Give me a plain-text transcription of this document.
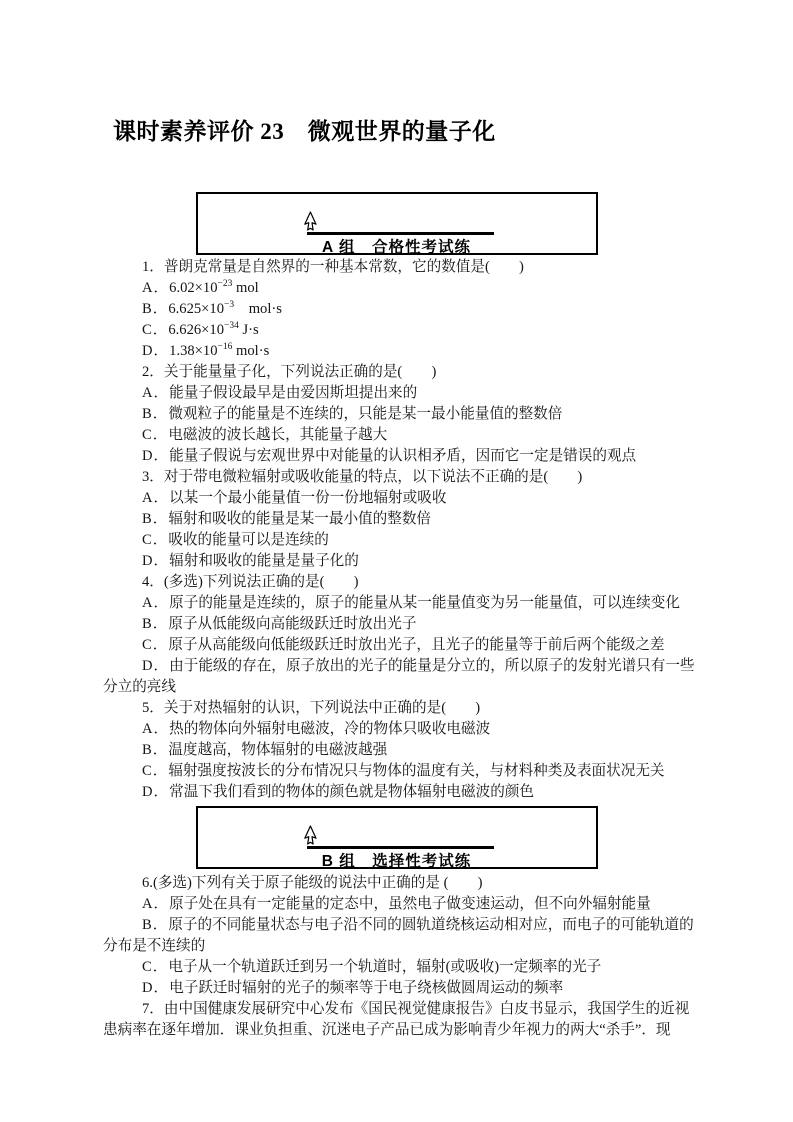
课时素养评价 23　微观世界的量子化
A 组　合格性考试练

1．普朗克常量是自然界的一种基本常数，它的数值是(　　)

A．$6.02\times 10^{-23}$ mol

B．$6.625\times 10^{-3}$　mol·s

C．$6.626\times 10^{-34}$ J·s

D．$1.38\times 10^{-16}$ mol·s

2．关于能量量子化，下列说法正确的是(　　)

A．能量子假设最早是由爱因斯坦提出来的

B．微观粒子的能量是不连续的，只能是某一最小能量值的整数倍

C．电磁波的波长越长，其能量子越大

D．能量子假说与宏观世界中对能量的认识相矛盾，因而它一定是错误的观点

3．对于带电微粒辐射或吸收能量的特点，以下说法不正确的是(　　)

A．以某一个最小能量值一份一份地辐射或吸收

B．辐射和吸收的能量是某一最小值的整数倍

C．吸收的能量可以是连续的

D．辐射和吸收的能量是量子化的

4．(多选)下列说法正确的是(　　)

A．原子的能量是连续的，原子的能量从某一能量值变为另一能量值，可以连续变化

B．原子从低能级向高能级跃迁时放出光子

C．原子从高能级向低能级跃迁时放出光子，且光子的能量等于前后两个能级之差

D．由于能级的存在，原子放出的光子的能量是分立的，所以原子的发射光谱只有一些分立的亮线

5．关于对热辐射的认识，下列说法中正确的是(　　)

A．热的物体向外辐射电磁波，冷的物体只吸收电磁波

B．温度越高，物体辐射的电磁波越强

C．辐射强度按波长的分布情况只与物体的温度有关，与材料种类及表面状况无关

D．常温下我们看到的物体的颜色就是物体辐射电磁波的颜色

B 组　选择性考试练

6.(多选)下列有关于原子能级的说法中正确的是 (　　)

A．原子处在具有一定能量的定态中，虽然电子做变速运动，但不向外辐射能量

B．原子的不同能量状态与电子沿不同的圆轨道绕核运动相对应，而电子的可能轨道的分布是不连续的

C．电子从一个轨道跃迁到另一个轨道时，辐射(或吸收)一定频率的光子

D．电子跃迁时辐射的光子的频率等于电子绕核做圆周运动的频率

7．由中国健康发展研究中心发布《国民视觉健康报告》白皮书显示，我国学生的近视患病率在逐年增加．课业负担重、沉迷电子产品已成为影响青少年视力的两大“杀手”．现
